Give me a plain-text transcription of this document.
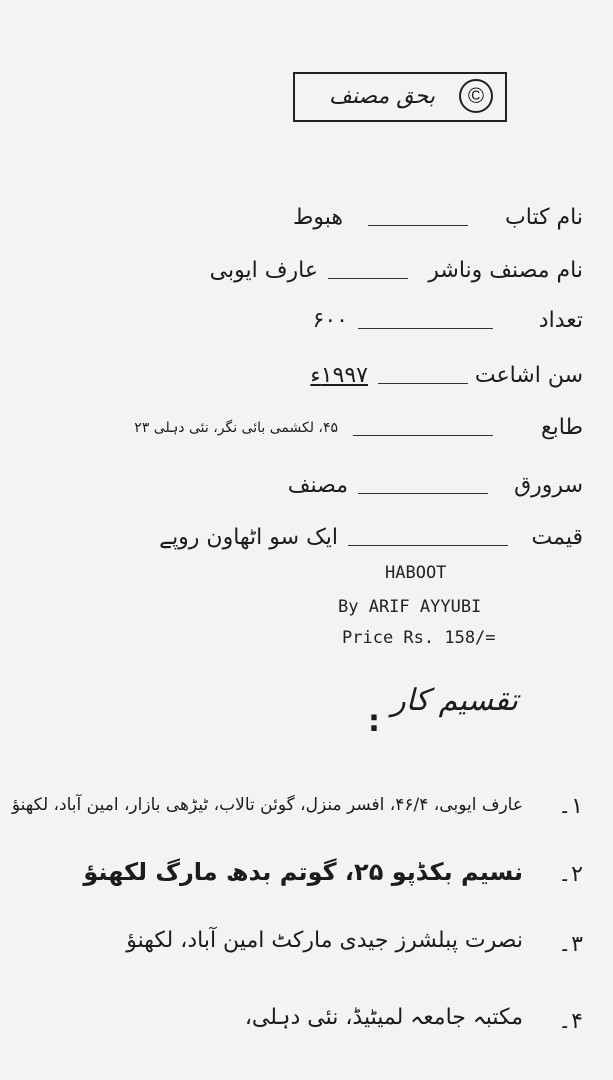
©
بحق مصنف
نام کتاب
ھبوط
نام مصنف وناشر
عارف ایوبی
تعداد
۶۰۰
سن اشاعت
۱۹۹۷ء
طابع
۴۵، لکشمی بائی نگر، نئی دہلی ۲۳
سرورق
مصنف
قیمت
ایک سو اٹھاون روپے
HABOOT
By ARIF AYYUBI
Price Rs. 158/=
تقسیم کار
:
۱۔
عارف ایوبی، ۴۶/۴، افسر منزل، گوئن تالاب، ٹیڑھی بازار، امین آباد، لکھنؤ
۲۔
نسیم بکڈپو ۲۵، گوتم بدھ مارگ لکھنؤ
۳۔
نصرت پبلشرز جیدی مارکٹ امین آباد، لکھنؤ
۴۔
مکتبہ جامعہ لمیٹیڈ، نئی دہلی،
